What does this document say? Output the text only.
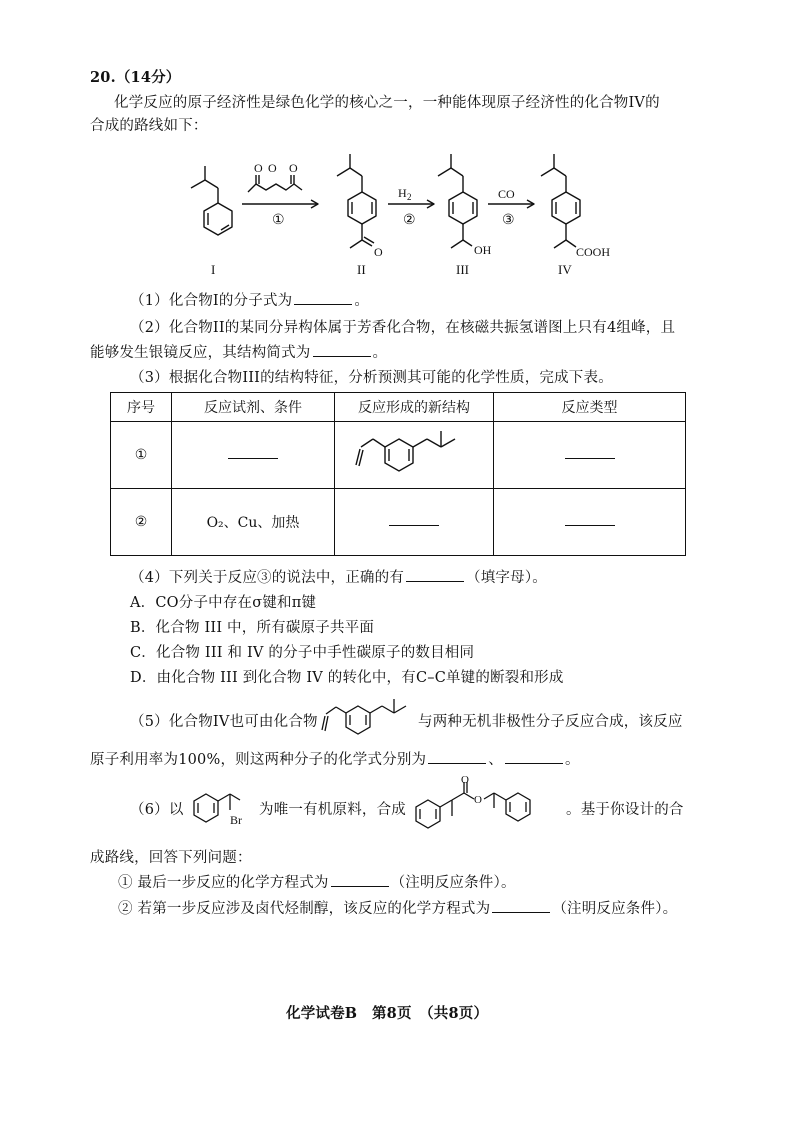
20.（14分）
化学反应的原子经济性是绿色化学的核心之一，一种能体现原子经济性的化合物IV的
合成的路线如下：
O
O O
①
H 2
②
CO
③
O	OH	COOH
I	II	III	IV
（1）化合物I的分子式为	。
（2）化合物II的某同分异构体属于芳香化合物，在核磁共振氢谱图上只有4组峰，且
能够发生银镜反应，其结构简式为	。
（3）根据化合物III的结构特征，分析预测其可能的化学性质，完成下表。
序号	反应试剂、条件	反应形成的新结构	反应类型
①			
②	O₂、Cu、加热		
（4）下列关于反应③的说法中，正确的有	（填字母）。
A．CO分子中存在σ键和π键
B．化合物 III 中，所有碳原子共平面
C．化合物 III 和 IV 的分子中手性碳原子的数目相同
D．由化合物 III 到化合物 IV 的转化中，有C–C单键的断裂和形成
（5）化合物IV也可由化合物	与两种无机非极性分子反应合成，该反应
原子利用率为100%，则这两种分子的化学式分别为	、	。
（6）以
Br
为唯一有机原料，合成
O
O
。基于你设计的合
成路线，回答下列问题：
① 最后一步反应的化学方程式为	（注明反应条件）。
② 若第一步反应涉及卤代烃制醇，该反应的化学方程式为	（注明反应条件）。
化学试卷B　第8页　（共8页）
